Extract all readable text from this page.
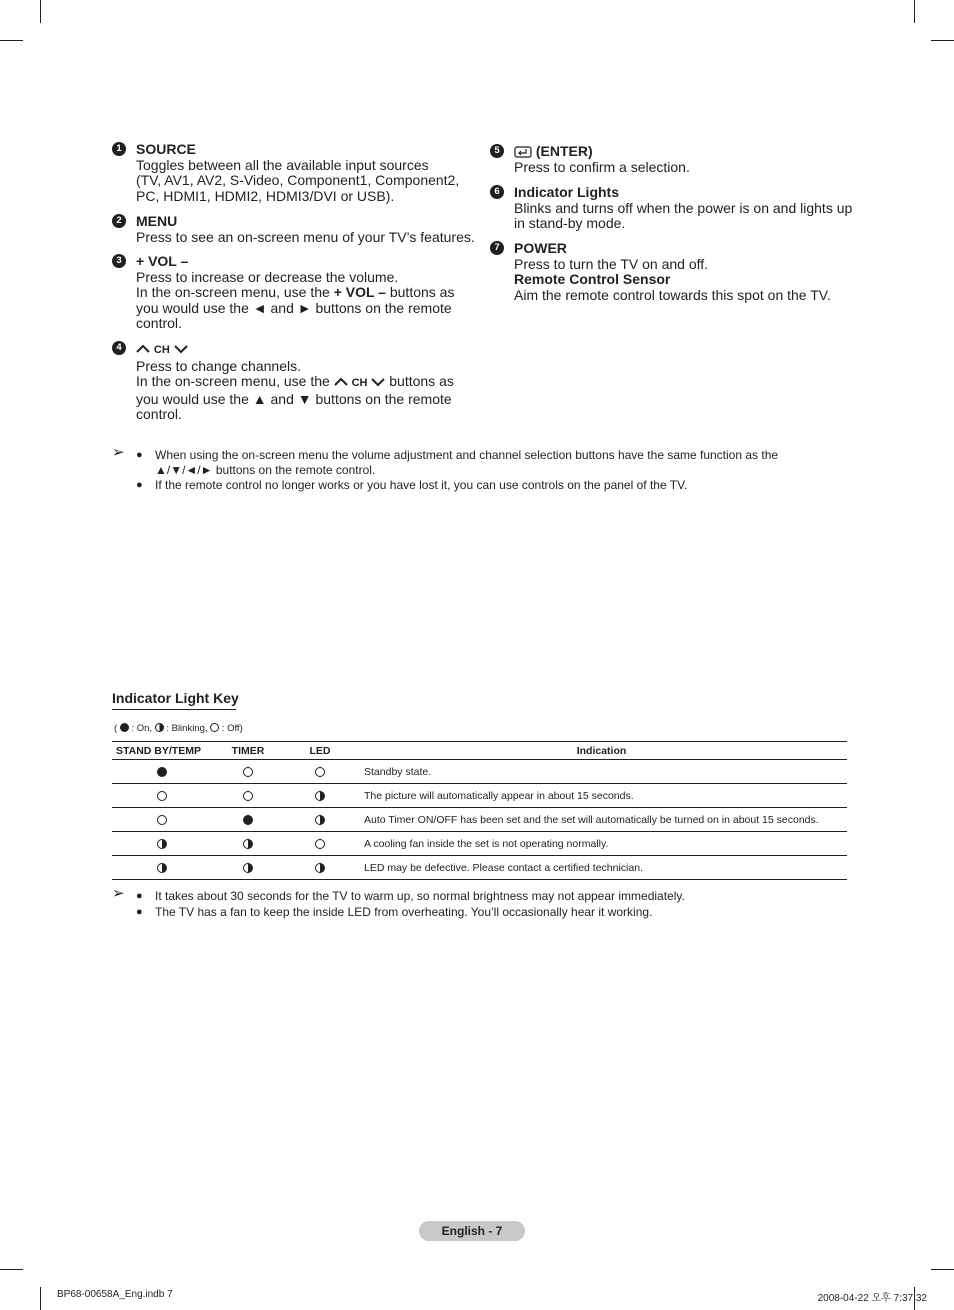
1	SOURCE
Toggles between all the available input sources
(TV, AV1, AV2, S-Video, Component1, Component2,
PC, HDMI1, HDMI2, HDMI3/DVI or USB).
2	MENU
Press to see an on-screen menu of your TV’s features.
3	+ VOL –
Press to increase or decrease the volume.
In the on-screen menu, use the + VOL – buttons as
you would use the ◄ and ► buttons on the remote
control.
4	CH
Press to change channels.
In the on-screen menu, use the  CH  buttons as
you would use the ▲ and ▼ buttons on the remote
control.
5	(ENTER)
Press to confirm a selection.
6	Indicator Lights
Blinks and turns off when the power is on and lights up
in stand-by mode.
7	POWER
Press to turn the TV on and off.
Remote Control Sensor
Aim the remote control towards this spot on the TV.
➢ ● When using the on-screen menu the volume adjustment and channel selection buttons have the same function as the
▲/▼/◄/► buttons on the remote control.
● If the remote control no longer works or you have lost it, you can use controls on the panel of the TV.
Indicator Light Key
( : On, : Blinking, : Off)
STAND BY/TEMP	TIMER	LED	Indication
			Standby state.
			The picture will automatically appear in about 15 seconds.
			Auto Timer ON/OFF has been set and the set will automatically be turned on in about 15 seconds.
			A cooling fan inside the set is not operating normally.
			LED may be defective. Please contact a certified technician.
➢ ● It takes about 30 seconds for the TV to warm up, so normal brightness may not appear immediately.
● The TV has a fan to keep the inside LED from overheating. You’ll occasionally hear it working.
English - 7
BP68-00658A_Eng.indb 7	2008-04-22 오후 7:37:32
